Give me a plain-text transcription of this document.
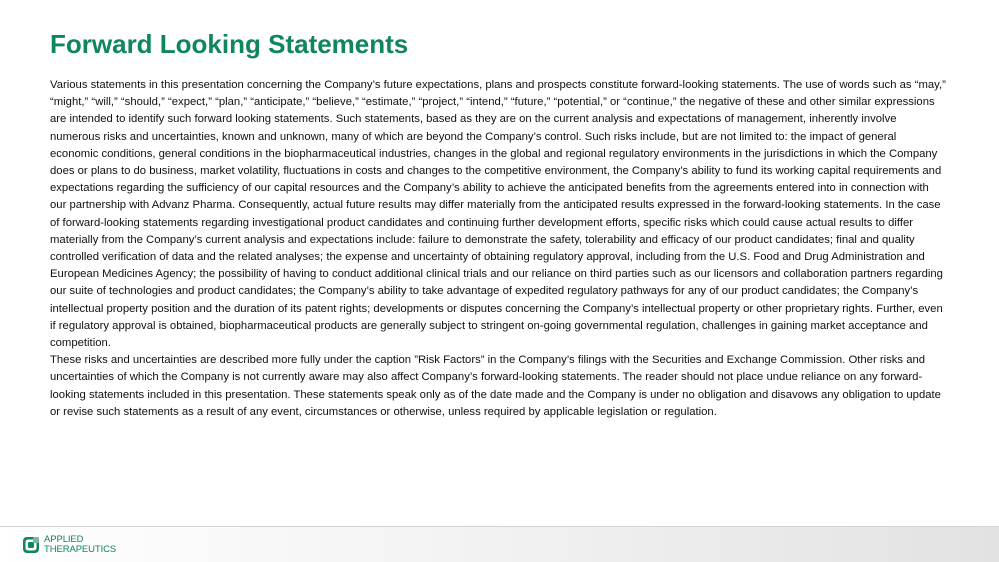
Forward Looking Statements

Various statements in this presentation concerning the Company’s future expectations, plans and prospects constitute forward-looking statements. The use of words such as “may,” “might,” “will,” “should,” “expect,” “plan,” “anticipate,” “believe,” “estimate,” “project,” “intend,” “future,” “potential,” or “continue,” the negative of these and other similar expressions are intended to identify such forward looking statements. Such statements, based as they are on the current analysis and expectations of management, inherently involve numerous risks and uncertainties, known and unknown, many of which are beyond the Company’s control. Such risks include, but are not limited to: the impact of general economic conditions, general conditions in the biopharmaceutical industries, changes in the global and regional regulatory environments in the jurisdictions in which the Company does or plans to do business, market volatility, fluctuations in costs and changes to the competitive environment, the Company’s ability to fund its working capital requirements and expectations regarding the sufficiency of our capital resources and the Company’s ability to achieve the anticipated benefits from the agreements entered into in connection with our partnership with Advanz Pharma. Consequently, actual future results may differ materially from the anticipated results expressed in the forward-looking statements. In the case of forward-looking statements regarding investigational product candidates and continuing further development efforts, specific risks which could cause actual results to differ materially from the Company’s current analysis and expectations include: failure to demonstrate the safety, tolerability and efficacy of our product candidates; final and quality controlled verification of data and the related analyses; the expense and uncertainty of obtaining regulatory approval, including from the U.S. Food and Drug Administration and European Medicines Agency; the possibility of having to conduct additional clinical trials and our reliance on third parties such as our licensors and collaboration partners regarding our suite of technologies and product candidates; the Company’s ability to take advantage of expedited regulatory pathways for any of our product candidates; the Company’s intellectual property position and the duration of its patent rights; developments or disputes concerning the Company’s intellectual property or other proprietary rights. Further, even if regulatory approval is obtained, biopharmaceutical products are generally subject to stringent on-going governmental regulation, challenges in gaining market acceptance and competition.

These risks and uncertainties are described more fully under the caption ”Risk Factors” in the Company’s filings with the Securities and Exchange Commission. Other risks and uncertainties of which the Company is not currently aware may also affect Company’s forward-looking statements. The reader should not place undue reliance on any forward-looking statements included in this presentation. These statements speak only as of the date made and the Company is under no obligation and disavows any obligation to update or revise such statements as a result of any event, circumstances or otherwise, unless required by applicable legislation or regulation.

APPLIED
THERAPEUTICS
